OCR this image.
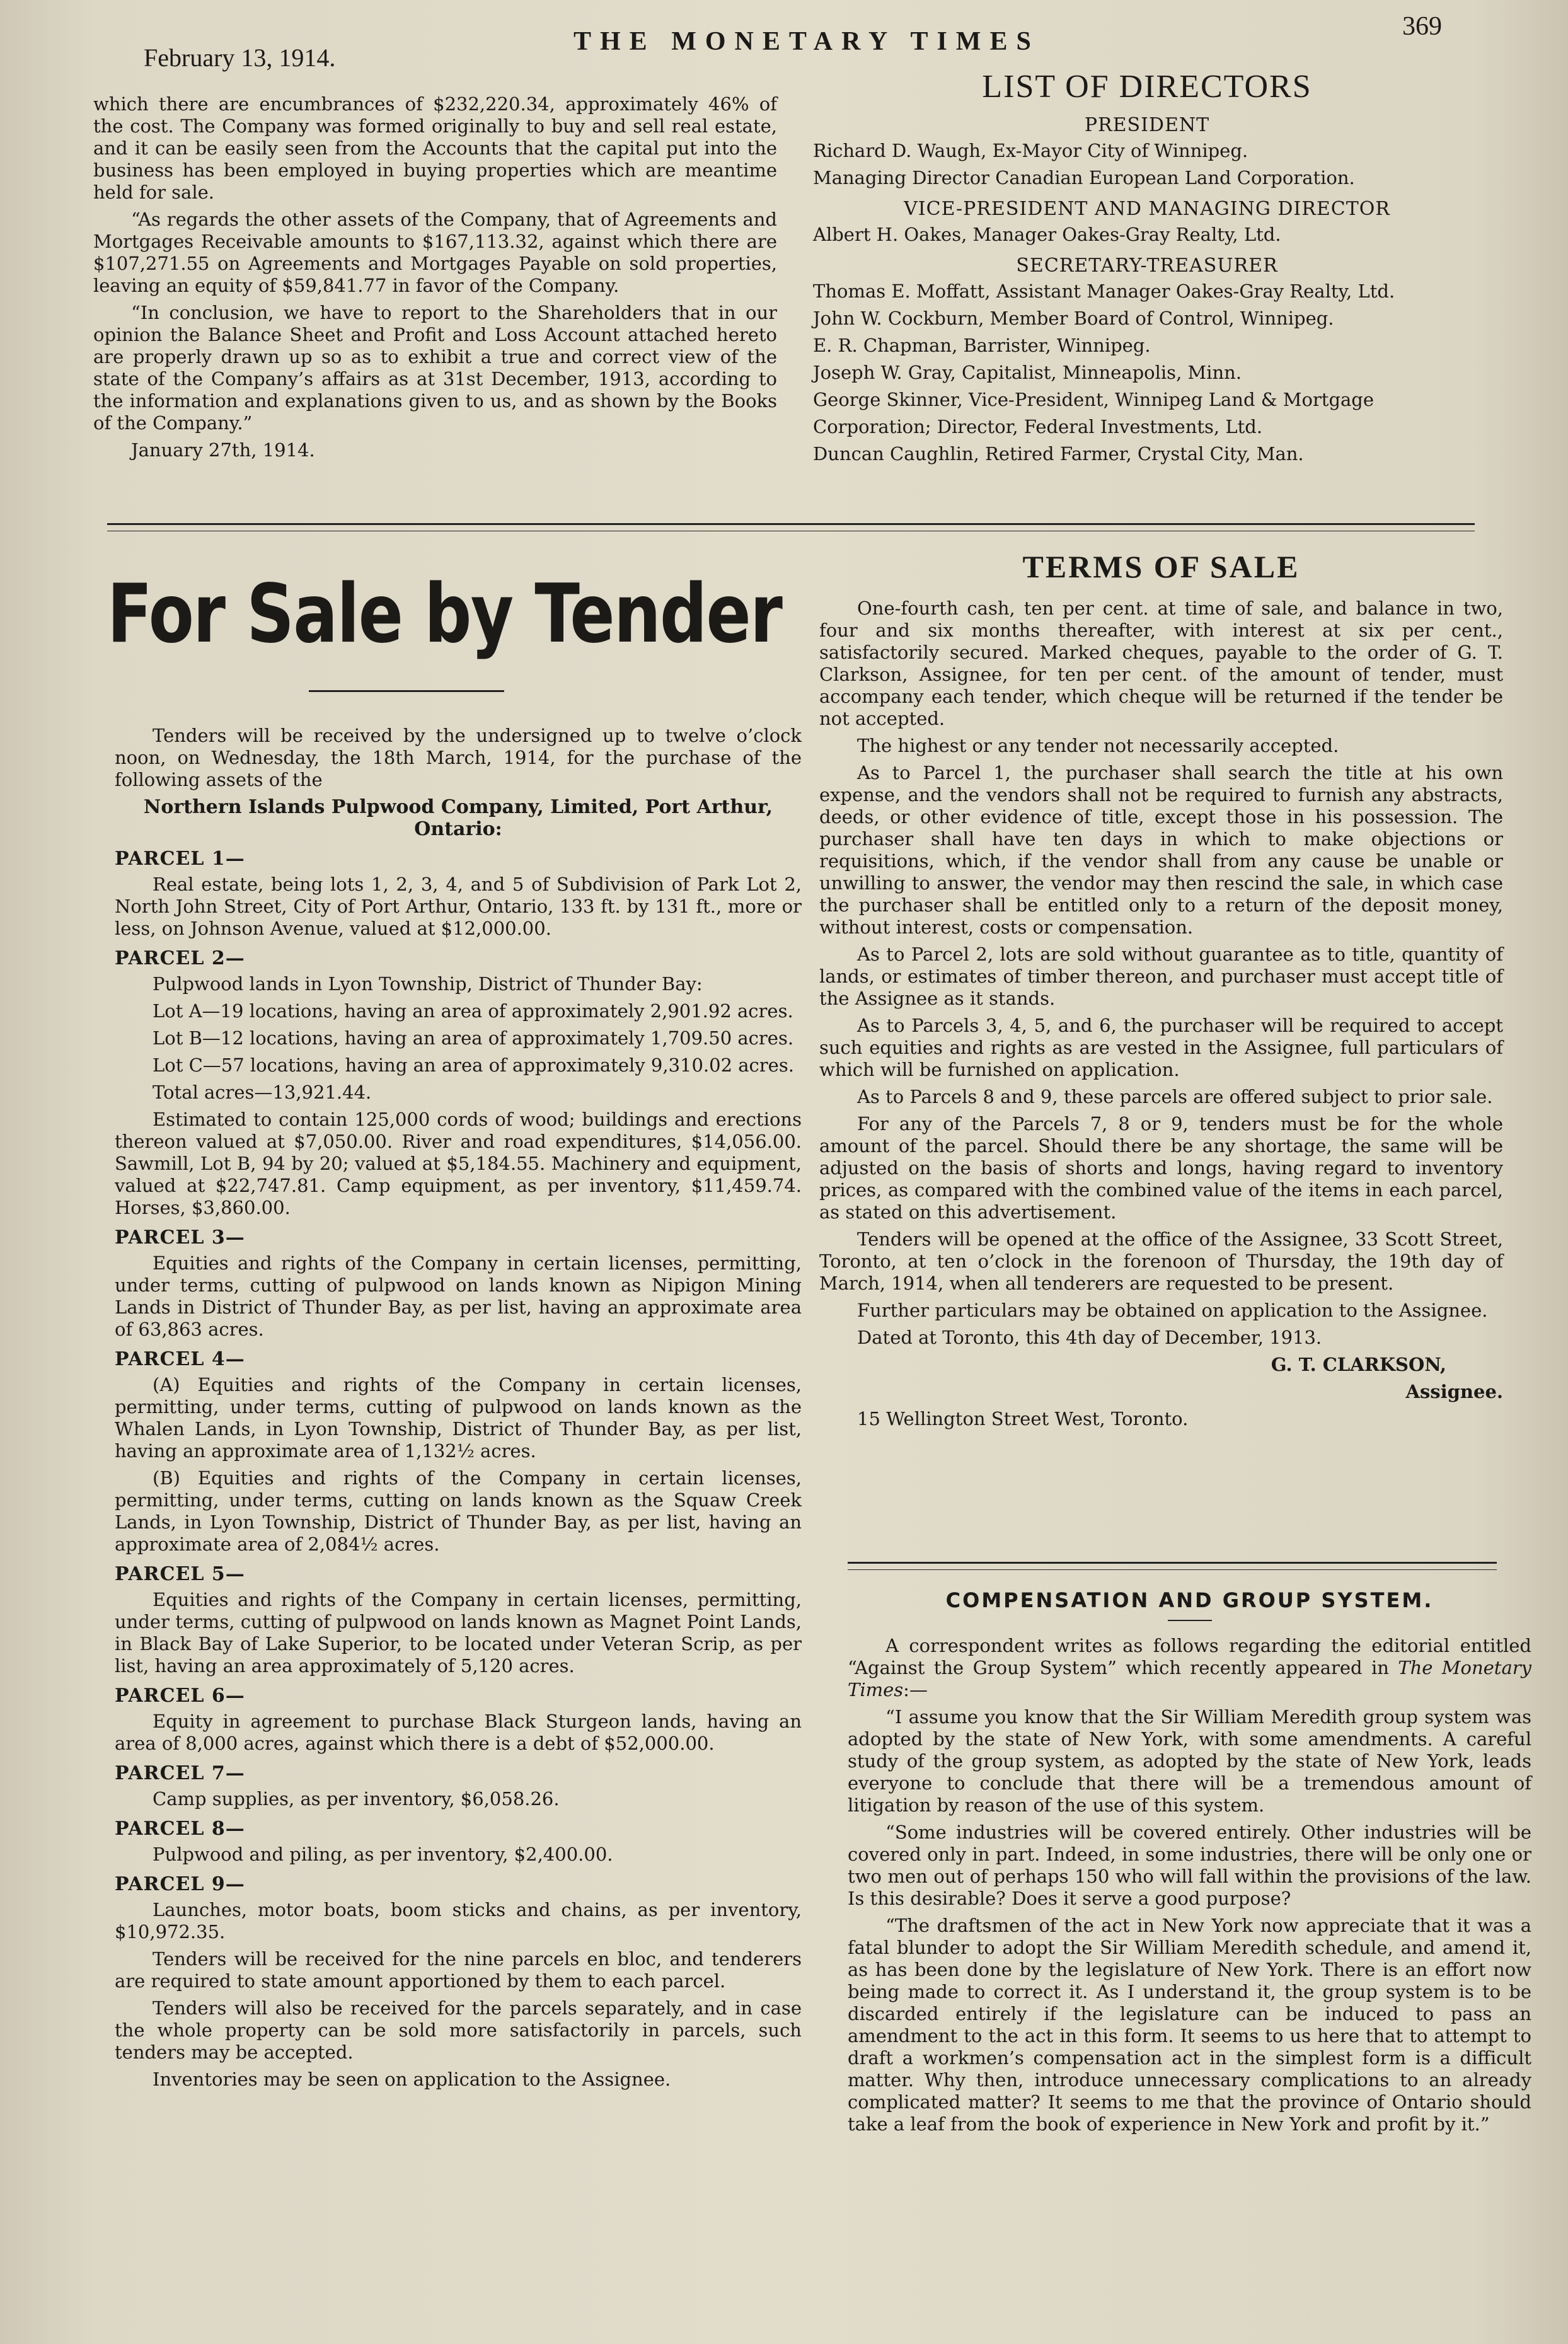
February 13, 1914.
THE MONETARY TIMES
369

which there are encumbrances of $232,220.34, approximately 46% of the cost. The Company was formed originally to buy and sell real estate, and it can be easily seen from the Accounts that the capital put into the business has been employed in buying properties which are meantime held for sale.

“As regards the other assets of the Company, that of Agreements and Mortgages Receivable amounts to $167,113.32, against which there are $107,271.55 on Agreements and Mortgages Payable on sold properties, leaving an equity of $59,841.77 in favor of the Company.

“In conclusion, we have to report to the Shareholders that in our opinion the Balance Sheet and Profit and Loss Account attached hereto are properly drawn up so as to exhibit a true and correct view of the state of the Company’s affairs as at 31st December, 1913, according to the information and explanations given to us, and as shown by the Books of the Company.”

January 27th, 1914.

LIST OF DIRECTORS
PRESIDENT

Richard D. Waugh, Ex-Mayor City of Winnipeg.

Managing Director Canadian European Land Corporation.

VICE-PRESIDENT AND MANAGING DIRECTOR

Albert H. Oakes, Manager Oakes-Gray Realty, Ltd.

SECRETARY-TREASURER

Thomas E. Moffatt, Assistant Manager Oakes-Gray Realty, Ltd.

John W. Cockburn, Member Board of Control, Winnipeg.

E. R. Chapman, Barrister, Winnipeg.

Joseph W. Gray, Capitalist, Minneapolis, Minn.

George Skinner, Vice-President, Winnipeg Land & Mortgage

Corporation; Director, Federal Investments, Ltd.

Duncan Caughlin, Retired Farmer, Crystal City, Man.

For Sale by Tender

Tenders will be received by the undersigned up to twelve o’clock noon, on Wednesday, the 18th March, 1914, for the purchase of the following assets of the

Northern Islands Pulpwood Company, Limited, Port Arthur, Ontario:

PARCEL 1—

Real estate, being lots 1, 2, 3, 4, and 5 of Subdivision of Park Lot 2, North John Street, City of Port Arthur, Ontario, 133 ft. by 131 ft., more or less, on Johnson Avenue, valued at $12,000.00.

PARCEL 2—

Pulpwood lands in Lyon Township, District of Thunder Bay:

Lot A—19 locations, having an area of approximately 2,901.92 acres.

Lot B—12 locations, having an area of approximately 1,709.50 acres.

Lot C—57 locations, having an area of approximately 9,310.02 acres.

Total acres—13,921.44.

Estimated to contain 125,000 cords of wood; buildings and erections thereon valued at $7,050.00. River and road expenditures, $14,056.00. Sawmill, Lot B, 94 by 20; valued at $5,184.55. Machinery and equipment, valued at $22,747.81. Camp equipment, as per inventory, $11,459.74. Horses, $3,860.00.

PARCEL 3—

Equities and rights of the Company in certain licenses, permitting, under terms, cutting of pulpwood on lands known as Nipigon Mining Lands in District of Thunder Bay, as per list, having an approximate area of 63,863 acres.

PARCEL 4—

(A) Equities and rights of the Company in certain licenses, permitting, under terms, cutting of pulpwood on lands known as the Whalen Lands, in Lyon Township, District of Thunder Bay, as per list, having an approximate area of 1,132½ acres.

(B) Equities and rights of the Company in certain licenses, permitting, under terms, cutting on lands known as the Squaw Creek Lands, in Lyon Township, District of Thunder Bay, as per list, having an approximate area of 2,084½ acres.

PARCEL 5—

Equities and rights of the Company in certain licenses, permitting, under terms, cutting of pulpwood on lands known as Magnet Point Lands, in Black Bay of Lake Superior, to be located under Veteran Scrip, as per list, having an area approximately of 5,120 acres.

PARCEL 6—

Equity in agreement to purchase Black Sturgeon lands, having an area of 8,000 acres, against which there is a debt of $52,000.00.

PARCEL 7—

Camp supplies, as per inventory, $6,058.26.

PARCEL 8—

Pulpwood and piling, as per inventory, $2,400.00.

PARCEL 9—

Launches, motor boats, boom sticks and chains, as per inventory, $10,972.35.

Tenders will be received for the nine parcels en bloc, and tenderers are required to state amount apportioned by them to each parcel.

Tenders will also be received for the parcels separately, and in case the whole property can be sold more satisfactorily in parcels, such tenders may be accepted.

Inventories may be seen on application to the Assignee.

TERMS OF SALE

One-fourth cash, ten per cent. at time of sale, and balance in two, four and six months thereafter, with interest at six per cent., satisfactorily secured. Marked cheques, payable to the order of G. T. Clarkson, Assignee, for ten per cent. of the amount of tender, must accompany each tender, which cheque will be returned if the tender be not accepted.

The highest or any tender not necessarily accepted.

As to Parcel 1, the purchaser shall search the title at his own expense, and the vendors shall not be required to furnish any abstracts, deeds, or other evidence of title, except those in his possession. The purchaser shall have ten days in which to make objections or requisitions, which, if the vendor shall from any cause be unable or unwilling to answer, the vendor may then rescind the sale, in which case the purchaser shall be entitled only to a return of the deposit money, without interest, costs or compensation.

As to Parcel 2, lots are sold without guarantee as to title, quantity of lands, or estimates of timber thereon, and purchaser must accept title of the Assignee as it stands.

As to Parcels 3, 4, 5, and 6, the purchaser will be required to accept such equities and rights as are vested in the Assignee, full particulars of which will be furnished on application.

As to Parcels 8 and 9, these parcels are offered subject to prior sale.

For any of the Parcels 7, 8 or 9, tenders must be for the whole amount of the parcel. Should there be any shortage, the same will be adjusted on the basis of shorts and longs, having regard to inventory prices, as compared with the combined value of the items in each parcel, as stated on this advertisement.

Tenders will be opened at the office of the Assignee, 33 Scott Street, Toronto, at ten o’clock in the forenoon of Thursday, the 19th day of March, 1914, when all tenderers are requested to be present.

Further particulars may be obtained on application to the Assignee.

Dated at Toronto, this 4th day of December, 1913.

G. T. CLARKSON,

Assignee.

15 Wellington Street West, Toronto.

COMPENSATION AND GROUP SYSTEM.

A correspondent writes as follows regarding the editorial entitled “Against the Group System” which recently appeared in The Monetary Times:—

“I assume you know that the Sir William Meredith group system was adopted by the state of New York, with some amendments. A careful study of the group system, as adopted by the state of New York, leads everyone to conclude that there will be a tremendous amount of litigation by reason of the use of this system.

“Some industries will be covered entirely. Other industries will be covered only in part. Indeed, in some industries, there will be only one or two men out of perhaps 150 who will fall within the provisions of the law. Is this desirable? Does it serve a good purpose?

“The draftsmen of the act in New York now appreciate that it was a fatal blunder to adopt the Sir William Meredith schedule, and amend it, as has been done by the legislature of New York. There is an effort now being made to correct it. As I understand it, the group system is to be discarded entirely if the legislature can be induced to pass an amendment to the act in this form. It seems to us here that to attempt to draft a workmen’s compensation act in the simplest form is a difficult matter. Why then, introduce unnecessary complications to an already complicated matter? It seems to me that the province of Ontario should take a leaf from the book of experience in New York and profit by it.”
